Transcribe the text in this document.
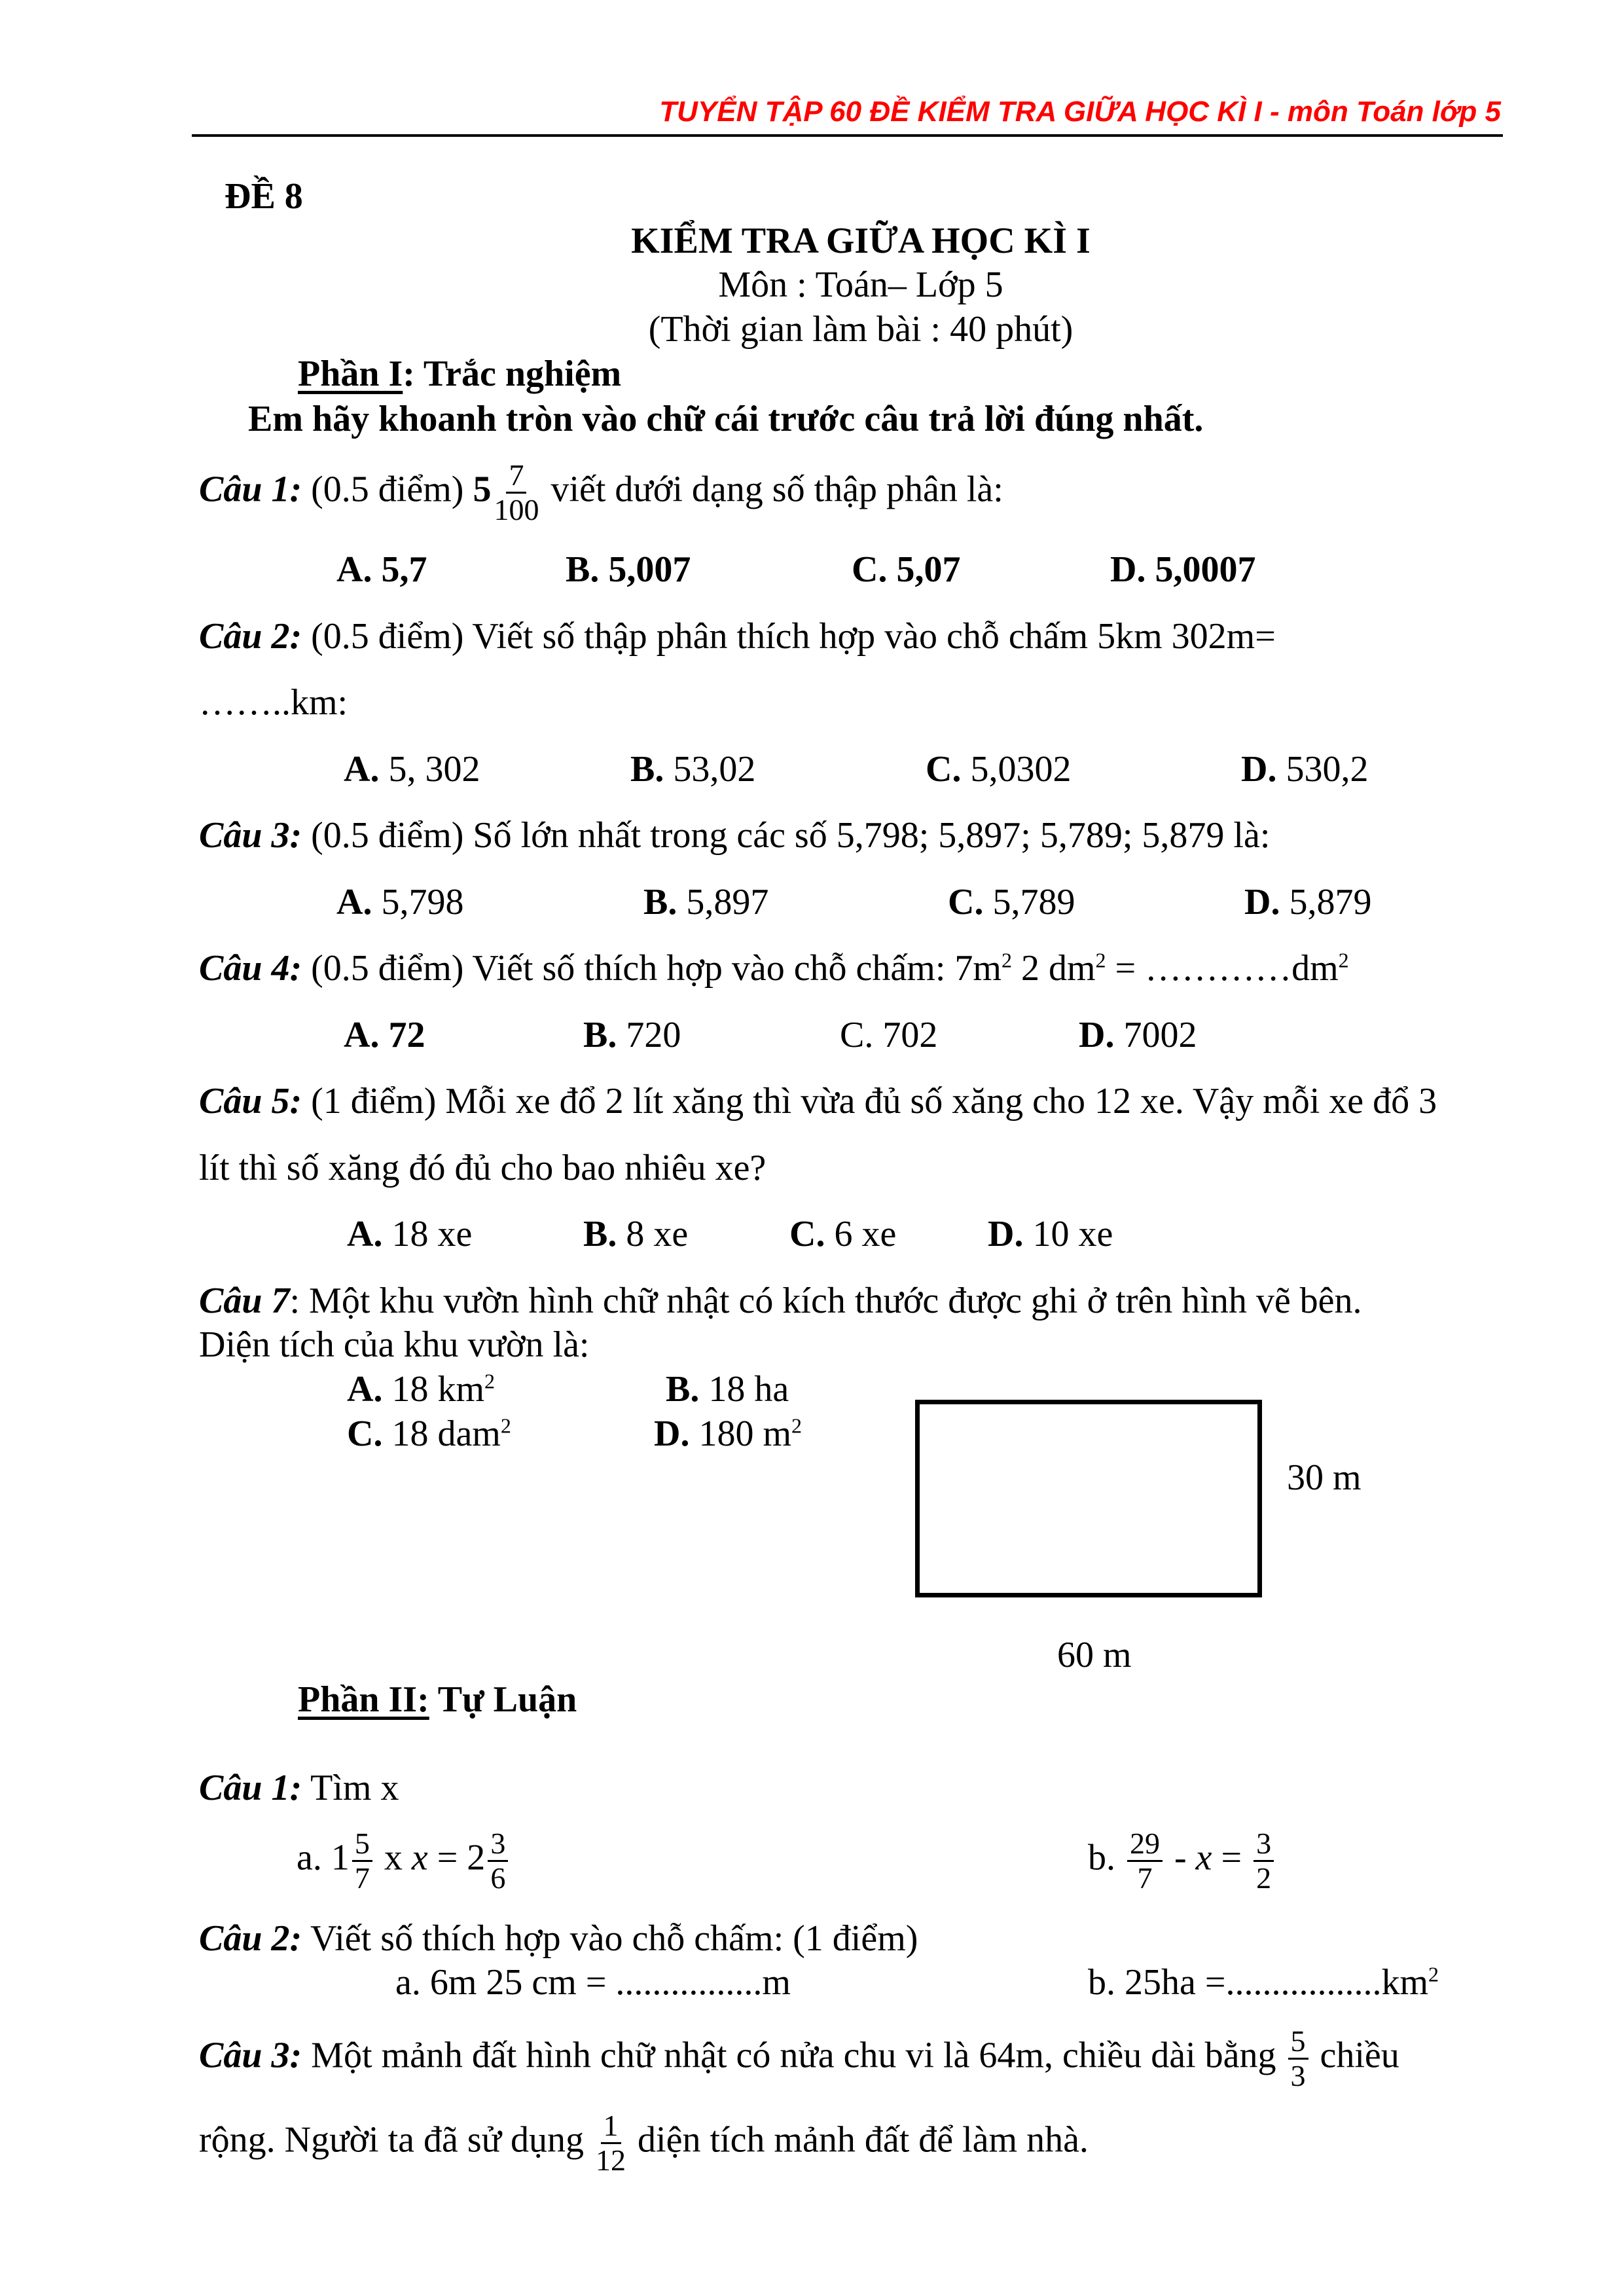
TUYỂN TẬP 60 ĐỀ KIỂM TRA GIỮA HỌC KÌ I - môn Toán lớp 5
ĐỀ 8
KIỂM TRA GIỮA HỌC KÌ I
Môn : Toán– Lớp 5
(Thời gian làm bài : 40 phút)
Phần I: Trắc nghiệm
Em hãy khoanh tròn vào chữ cái trước câu trả lời đúng nhất.
Câu 1: (0.5 điểm) $5 \frac{7}{100}$ viết dưới dạng số thập phân là:
A. 5,7	B. 5,007	C. 5,07	D. 5,0007
Câu 2: (0.5 điểm) Viết số thập phân thích hợp vào chỗ chấm 5km 302m=
……..km:
A. 5, 302	B. 53,02	C. 5,0302	D. 530,2
Câu 3: (0.5 điểm) Số lớn nhất trong các số 5,798; 5,897; 5,789; 5,879 là:
A. 5,798	B. 5,897	C. 5,789	D. 5,879
Câu 4: (0.5 điểm) Viết số thích hợp vào chỗ chấm: $7m^2$ 2 $dm^2$ = $\dots\dots\dots\dots dm^2$
A. 72	B. 720	C. 702	D. 7002
Câu 5: (1 điểm) Mỗi xe đổ 2 lít xăng thì vừa đủ số xăng cho 12 xe. Vậy mỗi xe đổ 3
lít thì số xăng đó đủ cho bao nhiêu xe?
A. 18 xe	B. 8 xe	C. 6 xe D. 10 xe
Câu 7: Một khu vườn hình chữ nhật có kích thước được ghi ở trên hình vẽ bên.
Diện tích của khu vườn là:
A. 18 $km^2$	B. 18 ha
C. 18 dam$^2$	D. 180 $m^2$
30 m
60 m
Phần II: Tự Luận
Câu 1: Tìm x
a. $1 \frac{5}{7}$ x $x = 2 \frac{3}{6}$	b. $\frac{29}{7} - x = \frac{3}{2}$
Câu 2: Viết số thích hợp vào chỗ chấm: (1 điểm)
a. 6m 25 cm = ................m	b. $25ha =.................km^2$
Câu 3: Một mảnh đất hình chữ nhật có nửa chu vi là 64m, chiều dài bằng $\frac{5}{3}$ chiều
rộng. Người ta đã sử dụng $\frac{1}{12}$ diện tích mảnh đất để làm nhà.
